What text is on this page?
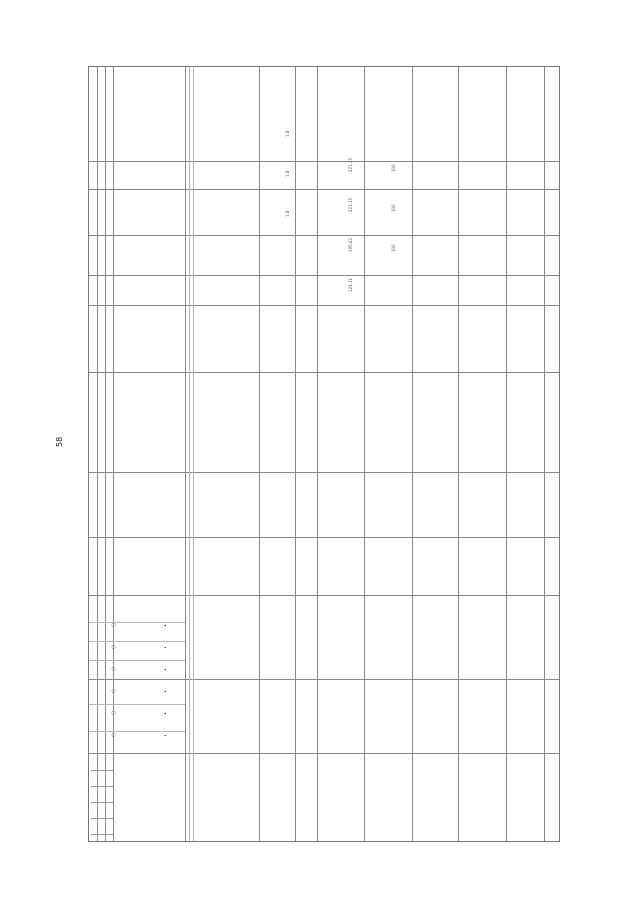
58
1,8
1,8
1,8
124,11
195,62
221,15
221,15
100
100
100
○
○
○
○
○
○
•
•
•
•
•
•
